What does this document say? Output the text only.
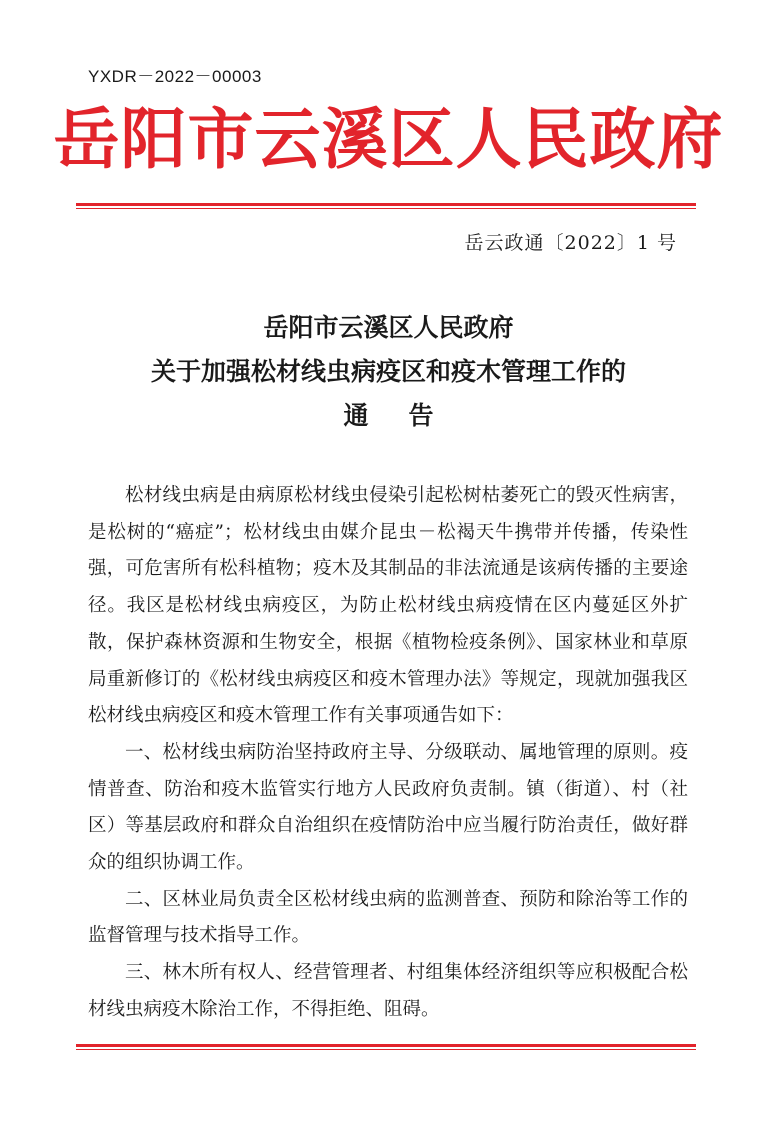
YXDR－2022－00003
岳阳市云溪区人民政府
岳云政通〔2022〕1 号
岳阳市云溪区人民政府
关于加强松材线虫病疫区和疫木管理工作的
通告

松材线虫病是由病原松材线虫侵染引起松树枯萎死亡的毁灭性病害，是松树的“癌症”；松材线虫由媒介昆虫－松褐天牛携带并传播，传染性强，可危害所有松科植物；疫木及其制品的非法流通是该病传播的主要途径。我区是松材线虫病疫区，为防止松材线虫病疫情在区内蔓延区外扩散，保护森林资源和生物安全，根据《植物检疫条例》、国家林业和草原局重新修订的《松材线虫病疫区和疫木管理办法》等规定，现就加强我区松材线虫病疫区和疫木管理工作有关事项通告如下：

一、松材线虫病防治坚持政府主导、分级联动、属地管理的原则。疫情普查、防治和疫木监管实行地方人民政府负责制。镇（街道）、村（社区）等基层政府和群众自治组织在疫情防治中应当履行防治责任，做好群众的组织协调工作。

二、区林业局负责全区松材线虫病的监测普查、预防和除治等工作的监督管理与技术指导工作。

三、林木所有权人、经营管理者、村组集体经济组织等应积极配合松材线虫病疫木除治工作，不得拒绝、阻碍。
